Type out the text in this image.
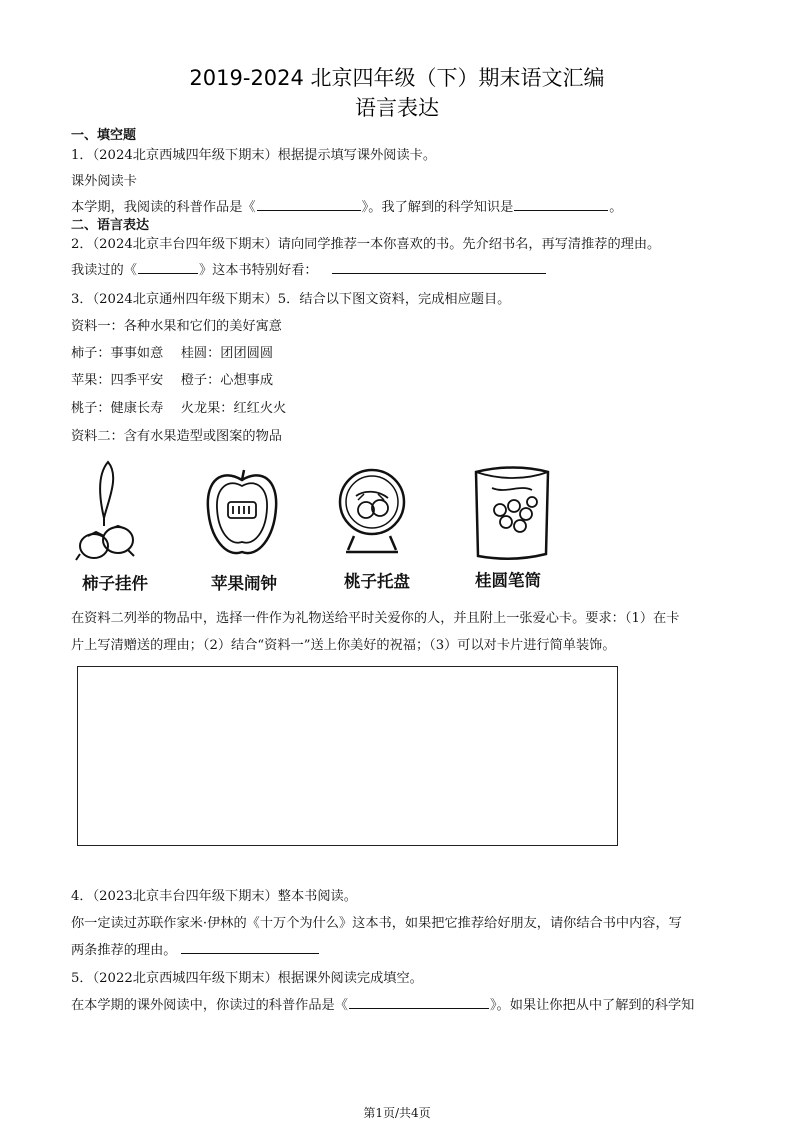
2019-2024 北京四年级（下）期末语文汇编
语言表达
一、填空题
1．（2024北京西城四年级下期末）根据提示填写课外阅读卡。
课外阅读卡
本学期，我阅读的科普作品是《	》。我了解到的科学知识是	。
二、语言表达
2．（2024北京丰台四年级下期末）请向同学推荐一本你喜欢的书。先介绍书名，再写清推荐的理由。
我读过的《	》这本书特别好看：
3．（2024北京通州四年级下期末）5．结合以下图文资料，完成相应题目。
资料一：各种水果和它们的美好寓意
柿子：事事如意　 桂圆：团团圆圆
苹果：四季平安　 橙子：心想事成
桃子：健康长寿　 火龙果：红红火火
资料二：含有水果造型或图案的物品
柿子挂件	苹果闹钟	桃子托盘	桂圆笔筒
在资料二列举的物品中，选择一件作为礼物送给平时关爱你的人，并且附上一张爱心卡。要求：（1）在卡
片上写清赠送的理由；（2）结合“资料一”送上你美好的祝福；（3）可以对卡片进行简单装饰。
4．（2023北京丰台四年级下期末）整本书阅读。
你一定读过苏联作家米·伊林的《十万个为什么》这本书，如果把它推荐给好朋友，请你结合书中内容，写
两条推荐的理由。
5．（2022北京西城四年级下期末）根据课外阅读完成填空。
在本学期的课外阅读中，你读过的科普作品是《	》。如果让你把从中了解到的科学知
第1页/共4页
